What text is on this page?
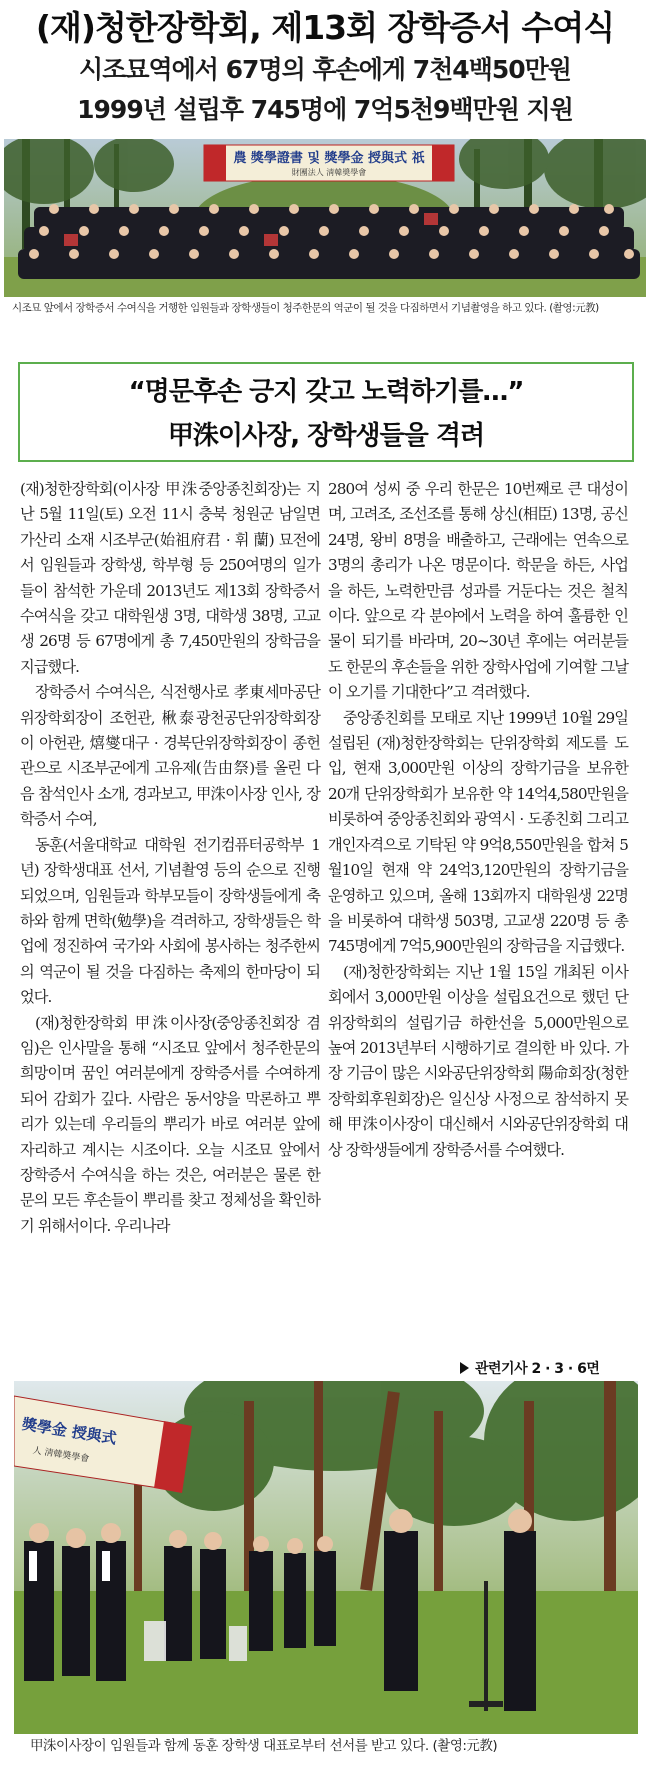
(재)청한장학회, 제13회 장학증서 수여식
시조묘역에서 67명의 후손에게 7천4백50만원
1999년 설립후 745명에 7억5천9백만원 지원
農 獎學證書 및 獎學金 授與式 祇
財團法人 淸韓奬學會
시조묘 앞에서 장학증서 수여식을 거행한 임원들과 장학생들이 청주한문의 역군이 될 것을 다짐하면서 기념촬영을 하고 있다. (촬영:元教)
“명문후손 긍지 갖고 노력하기를…”
甲洙이사장, 장학생들을 격려

(재)청한장학회(이사장 甲洙중앙종친회장)는 지난 5월 11일(토) 오전 11시 충북 청원군 남일면 가산리 소재 시조부군(始祖府君 · 휘 蘭) 묘전에서 임원들과 장학생, 학부형 등 250여명의 일가들이 참석한 가운데 2013년도 제13회 장학증서 수여식을 갖고 대학원생 3명, 대학생 38명, 고교생 26명 등 67명에게 총 7,450만원의 장학금을 지급했다.

장학증서 수여식은, 식전행사로 孝東세마공단위장학회장이 조헌관, 楸泰광천공단위장학회장이 아헌관, 熺燮대구 · 경북단위장학회장이 종헌관으로 시조부군에게 고유제(告由祭)를 올린 다음 참석인사 소개, 경과보고, 甲洙이사장 인사, 장학증서 수여,

동훈(서울대학교 대학원 전기컴퓨터공학부 1년) 장학생대표 선서, 기념촬영 등의 순으로 진행되었으며, 임원들과 학부모들이 장학생들에게 축하와 함께 면학(勉學)을 격려하고, 장학생들은 학업에 정진하여 국가와 사회에 봉사하는 청주한씨의 역군이 될 것을 다짐하는 축제의 한마당이 되었다.

(재)청한장학회 甲洙이사장(중앙종친회장 겸임)은 인사말을 통해 “시조묘 앞에서 청주한문의 희망이며 꿈인 여러분에게 장학증서를 수여하게 되어 감회가 깊다. 사람은 동서양을 막론하고 뿌리가 있는데 우리들의 뿌리가 바로 여러분 앞에 자리하고 계시는 시조이다. 오늘 시조묘 앞에서 장학증서 수여식을 하는 것은, 여러분은 물론 한문의 모든 후손들이 뿌리를 찾고 정체성을 확인하기 위해서이다. 우리나라

280여 성씨 중 우리 한문은 10번째로 큰 대성이며, 고려조, 조선조를 통해 상신(相臣) 13명, 공신 24명, 왕비 8명을 배출하고, 근래에는 연속으로 3명의 총리가 나온 명문이다. 학문을 하든, 사업을 하든, 노력한만큼 성과를 거둔다는 것은 철칙이다. 앞으로 각 분야에서 노력을 하여 훌륭한 인물이 되기를 바라며, 20~30년 후에는 여러분들도 한문의 후손들을 위한 장학사업에 기여할 그날이 오기를 기대한다”고 격려했다.

중앙종친회를 모태로 지난 1999년 10월 29일 설립된 (재)청한장학회는 단위장학회 제도를 도입, 현재 3,000만원 이상의 장학기금을 보유한 20개 단위장학회가 보유한 약 14억4,580만원을 비롯하여 중앙종친회와 광역시 · 도종친회 그리고 개인자격으로 기탁된 약 9억8,550만원을 합쳐 5월10일 현재 약 24억3,120만원의 장학기금을 운영하고 있으며, 올해 13회까지 대학원생 22명을 비롯하여 대학생 503명, 고교생 220명 등 총 745명에게 7억5,900만원의 장학금을 지급했다.

(재)청한장학회는 지난 1월 15일 개최된 이사회에서 3,000만원 이상을 설립요건으로 했던 단위장학회의 설립기금 하한선을 5,000만원으로 높여 2013년부터 시행하기로 결의한 바 있다. 가장 기금이 많은 시와공단위장학회 陽命회장(청한장학회후원회장)은 일신상 사정으로 참석하지 못해 甲洙이사장이 대신해서 시와공단위장학회 대상 장학생들에게 장학증서를 수여했다.

관련기사 2 · 3 · 6면
獎學金 授與式
人 淸韓奬學會
甲洙이사장이 임원들과 함께 동훈 장학생 대표로부터 선서를 받고 있다. (촬영:元教)
